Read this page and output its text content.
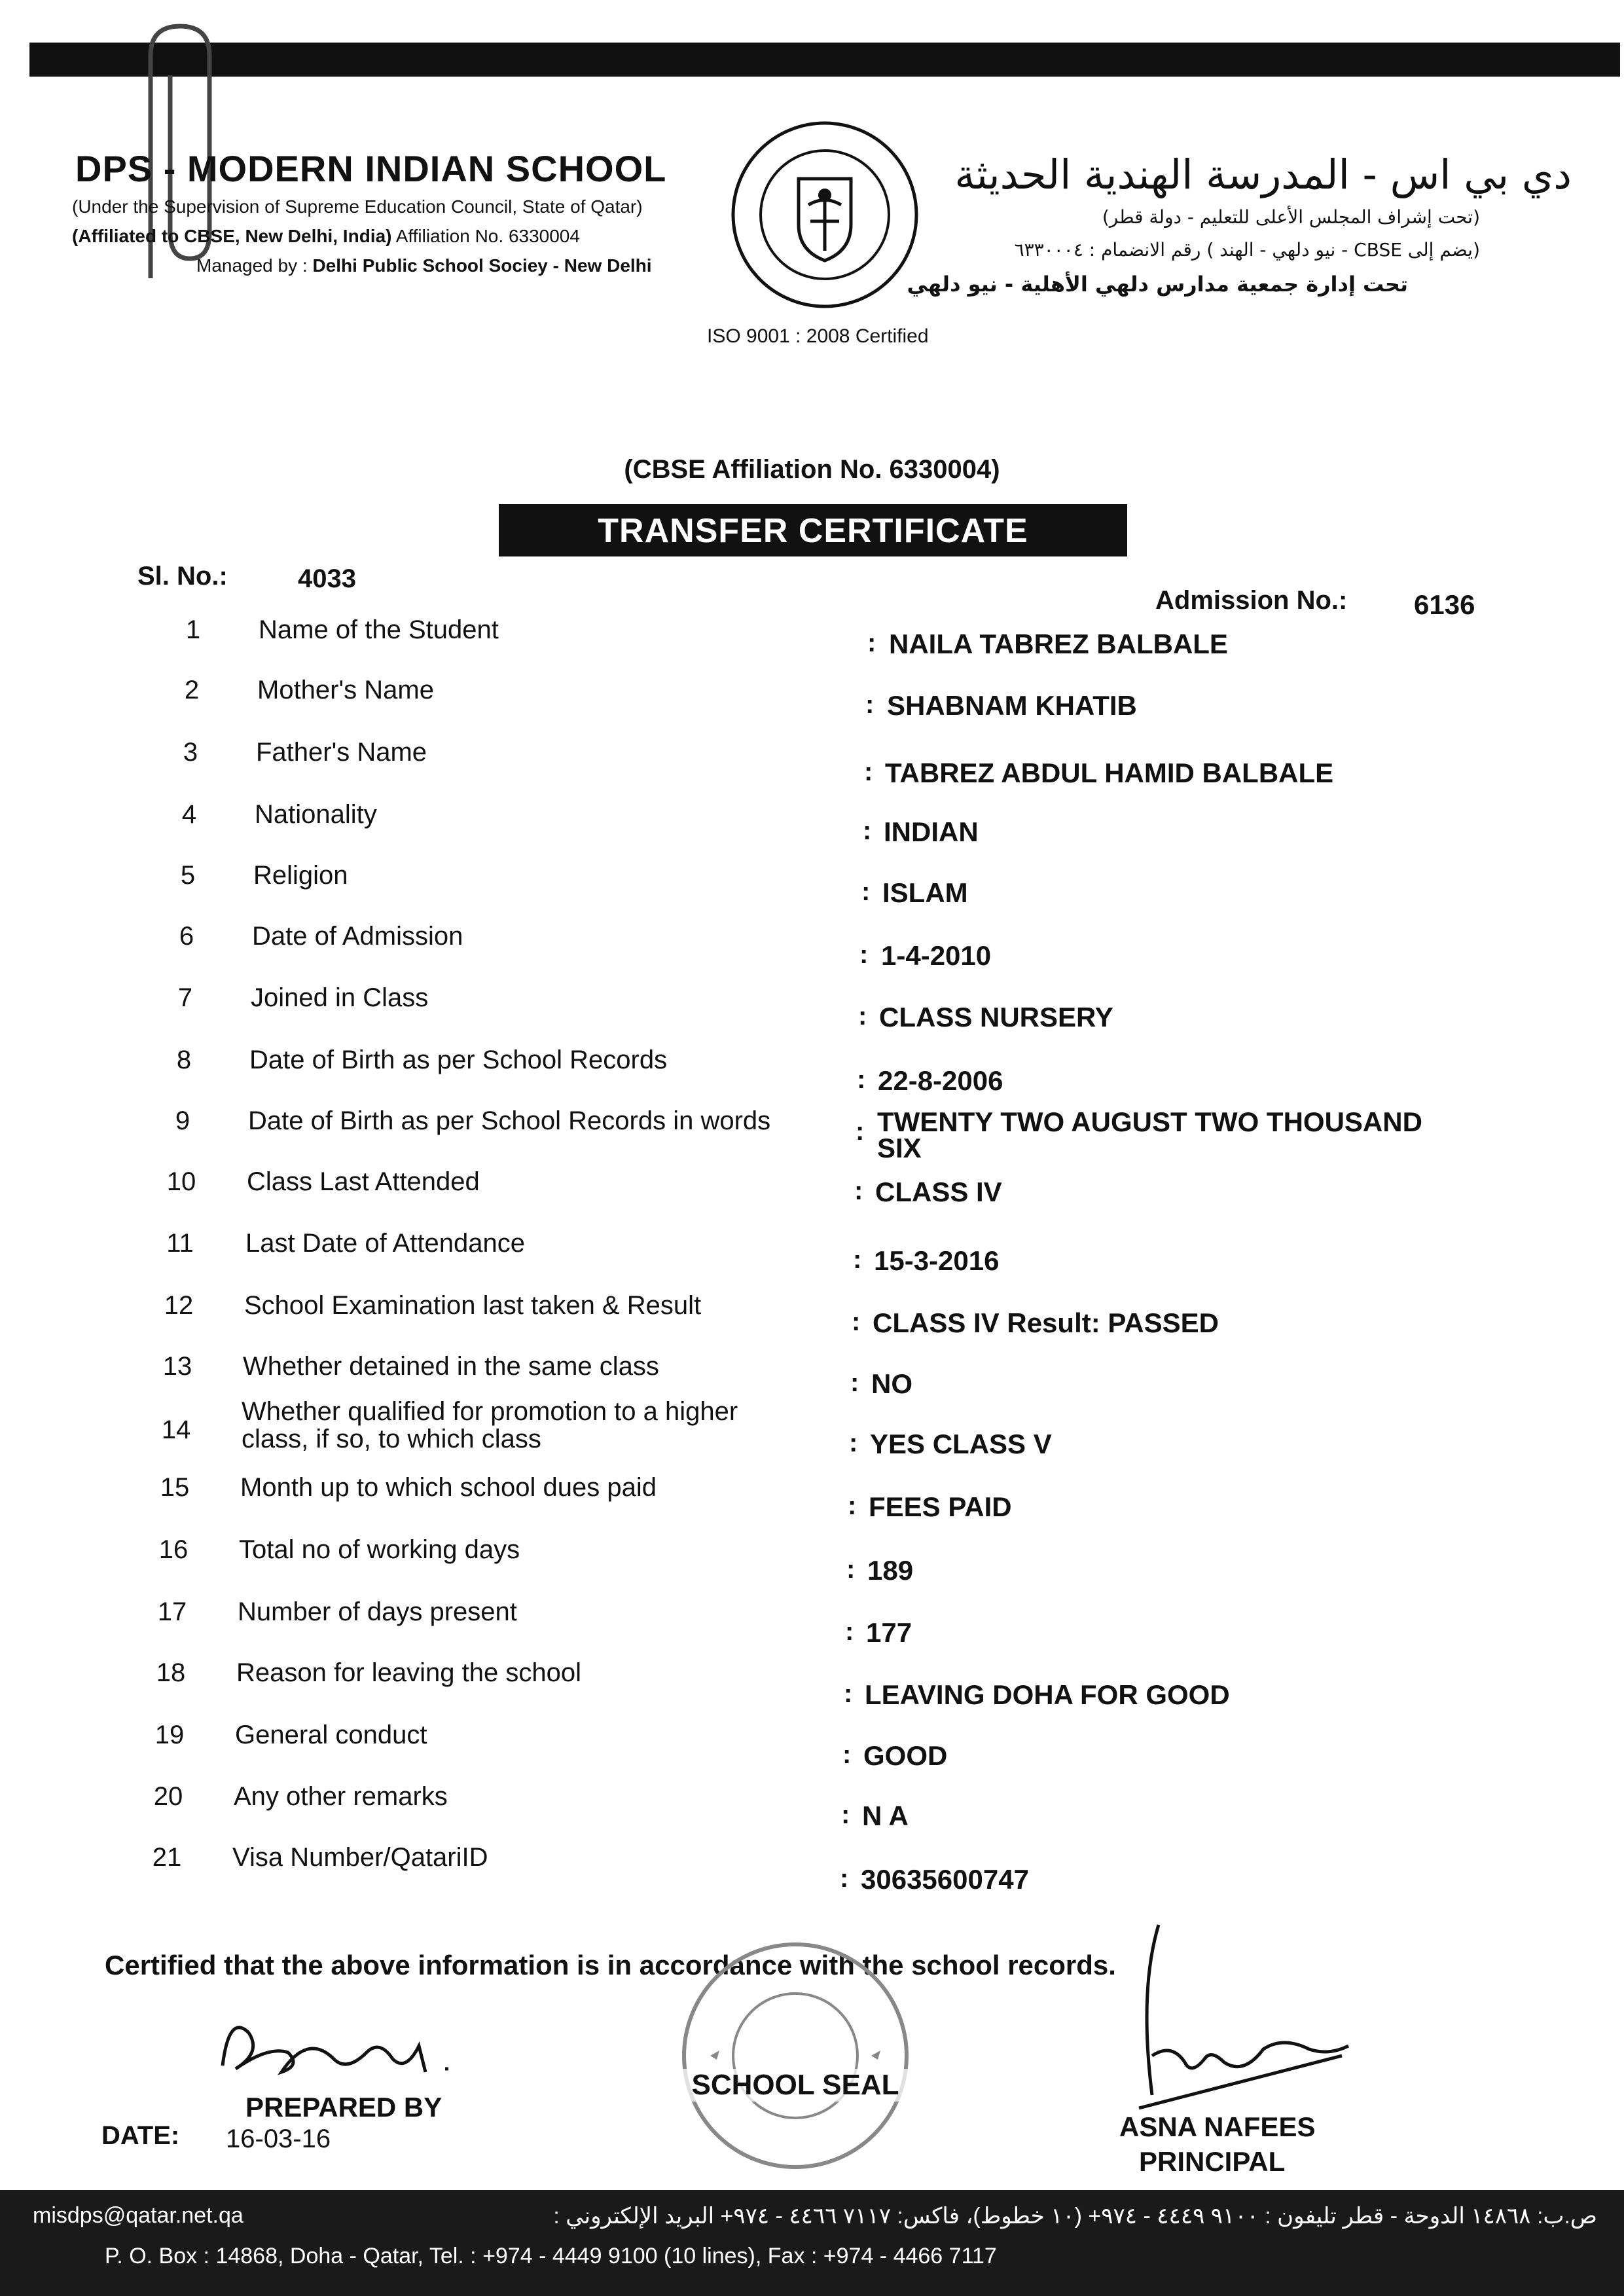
DPS - MODERN INDIAN SCHOOL
(Under the Supervision of Supreme Education Council, State of Qatar)
(Affiliated to CBSE, New Delhi, India) Affiliation No. 6330004
Managed by : Delhi Public School Sociey - New Delhi
ISO 9001 : 2008 Certified
دي بي اس - المدرسة الهندية الحديثة
(تحت إشراف المجلس الأعلى للتعليم - دولة قطر)
(يضم إلى CBSE - نيو دلهي - الهند ) رقم الانضمام : ٦٣٣٠٠٠٤
تحت إدارة جمعية مدارس دلهي الأهلية - نيو دلهي
(CBSE Affiliation No. 6330004)
TRANSFER CERTIFICATE
Sl. No.:	4033
Admission No.: 6136
1	Name of the Student	: NAILA TABREZ BALBALE
2	Mother's Name	: SHABNAM KHATIB
3	Father's Name
: TABREZ ABDUL HAMID BALBALE
4	Nationality
: INDIAN
5	Religion
: ISLAM
6	Date of Admission
: 1-4-2010
7	Joined in Class
: CLASS NURSERY
8	Date of Birth as per School Records
: 22-8-2006
9	Date of Birth as per School Records in words	: TWENTY TWO AUGUST TWO THOUSAND
SIX
10	Class Last Attended	: CLASS IV
11	Last Date of Attendance
: 15-3-2016
12	School Examination last taken & Result
: CLASS IV Result: PASSED
13	Whether detained in the same class
: NO
14
Whether qualified for promotion to a higher
class, if so, to which class	: YES CLASS V
15	Month up to which school dues paid
: FEES PAID
16	Total no of working days
: 189
17	Number of days present
: 177
18	Reason for leaving the school
: LEAVING DOHA FOR GOOD
19	General conduct
: GOOD
20	Any other remarks
: N A
21	Visa Number/QatariID
: 30635600747
Certified that the above information is in accordance with the school records.
PREPARED BY
DATE: 16-03-16
SCHOOL SEAL
ASNA NAFEES
PRINCIPAL
misdps@qatar.net.qa	ص.ب: ١٤٨٦٨ الدوحة - قطر تليفون : ٩١٠٠ ٤٤٤٩ - ٩٧٤+ (١٠ خطوط)، فاكس: ٧١١٧ ٤٤٦٦ - ٩٧٤+ البريد الإلكتروني :
P. O. Box : 14868, Doha - Qatar, Tel. : +974 - 4449 9100 (10 lines), Fax : +974 - 4466 7117
